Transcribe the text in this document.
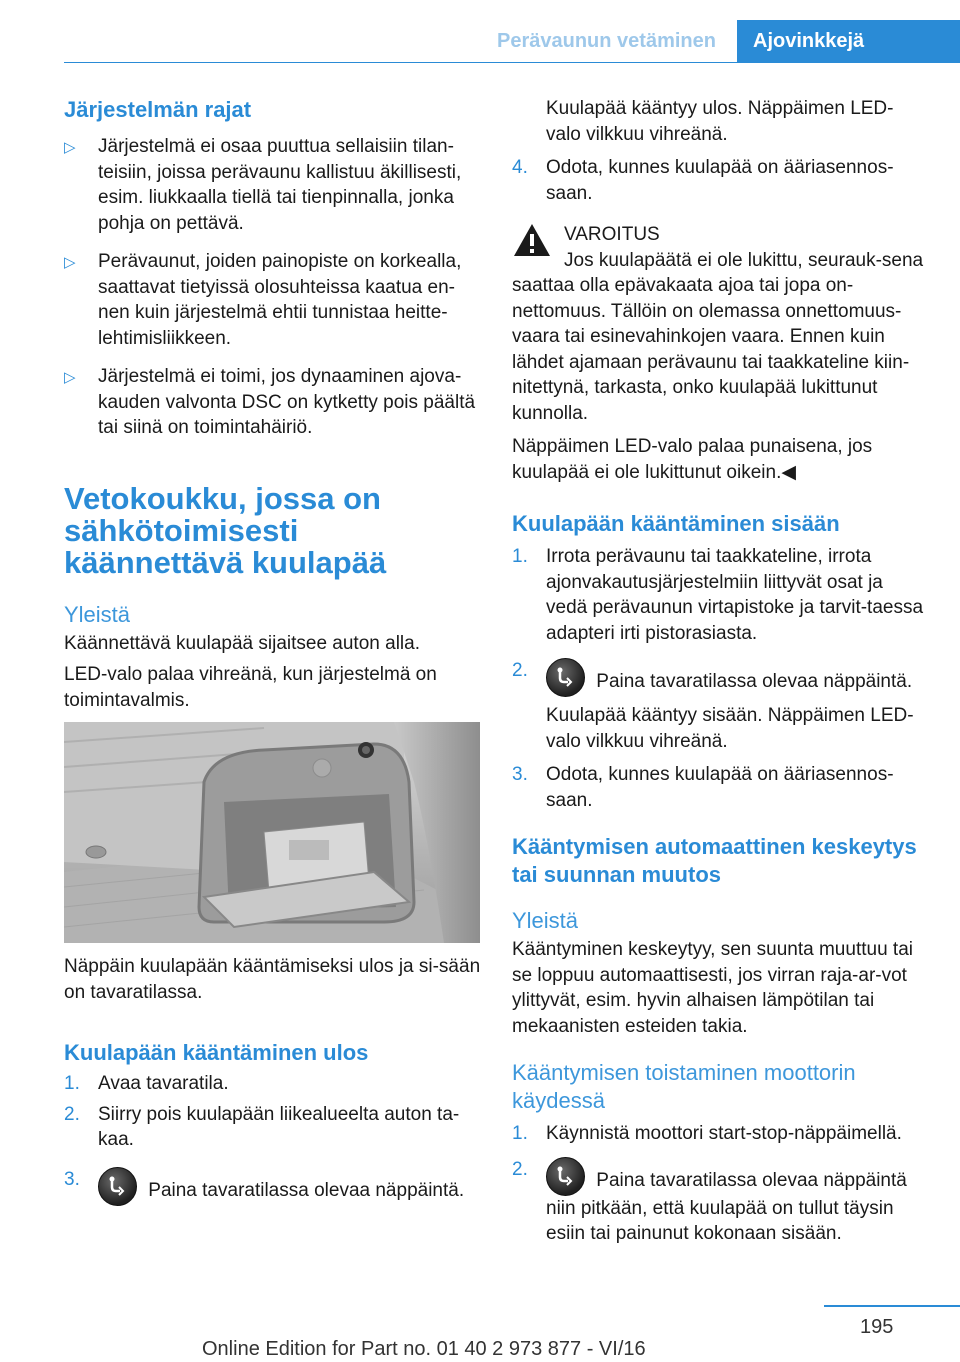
Perävaunun vetäminen Ajovinkkejä
Järjestelmän rajat
▷ Järjestelmä ei osaa puuttua sellaisiin tilan-teisiin, joissa perävaunu kallistuu äkillisesti, esim. liukkaalla tiellä tai tienpinnalla, jonka pohja on pettävä.
▷ Perävaunut, joiden painopiste on korkealla, saattavat tietyissä olosuhteissa kaatua en-nen kuin järjestelmä ehtii tunnistaa heitte-lehtimisliikkeen.
▷ Järjestelmä ei toimi, jos dynaaminen ajova-kauden valvonta DSC on kytketty pois päältä tai siinä on toimintahäiriö.
Vetokoukku, jossa on sähkötoimisesti käännettävä kuulapää
Yleistä

Käännettävä kuulapää sijaitsee auton alla.

LED-valo palaa vihreänä, kun järjestelmä on toimintavalmis.

Näppäin kuulapään kääntämiseksi ulos ja si-sään on tavaratilassa.

Kuulapään kääntäminen ulos
1. Avaa tavaratila.
2. Siirry pois kuulapään liikealueelta auton ta-kaa.
3.
Paina tavaratilassa olevaa näppäintä.

Kuulapää kääntyy ulos. Näppäimen LED-valo vilkkuu vihreänä.

4. Odota, kunnes kuulapää on ääriasennos-saan.

VAROITUS

Jos kuulapäätä ei ole lukittu, seurauk-sena saattaa olla epävakaata ajoa tai jopa on-nettomuus. Tällöin on olemassa onnettomuus-vaara tai esinevahinkojen vaara. Ennen kuin lähdet ajamaan perävaunu tai taakkateline kiin-nitettynä, tarkasta, onko kuulapää lukittunut kunnolla.

Näppäimen LED-valo palaa punaisena, jos kuulapää ei ole lukittunut oikein.◀

Kuulapään kääntäminen sisään
1. Irrota perävaunu tai taakkateline, irrota ajonvakautusjärjestelmiin liittyvät osat ja vedä perävaunun virtapistoke ja tarvit-taessa adapteri irti pistorasiasta.
2.
Paina tavaratilassa olevaa näppäintä.

Kuulapää kääntyy sisään. Näppäimen LED-valo vilkkuu vihreänä.

3. Odota, kunnes kuulapää on ääriasennos-saan.
Kääntymisen automaattinen keskeytys tai suunnan muutos
Yleistä

Kääntyminen keskeytyy, sen suunta muuttuu tai se loppuu automaattisesti, jos virran raja-ar-vot ylittyvät, esim. hyvin alhaisen lämpötilan tai mekaanisten esteiden takia.

Kääntymisen toistaminen moottorin käydessä
1. Käynnistä moottori start-stop-näppäimellä.
2.
Paina tavaratilassa olevaa näppäintä niin pitkään, että kuulapää on tullut täysin esiin tai painunut kokonaan sisään.
195
Online Edition for Part no. 01 40 2 973 877 - VI/16
